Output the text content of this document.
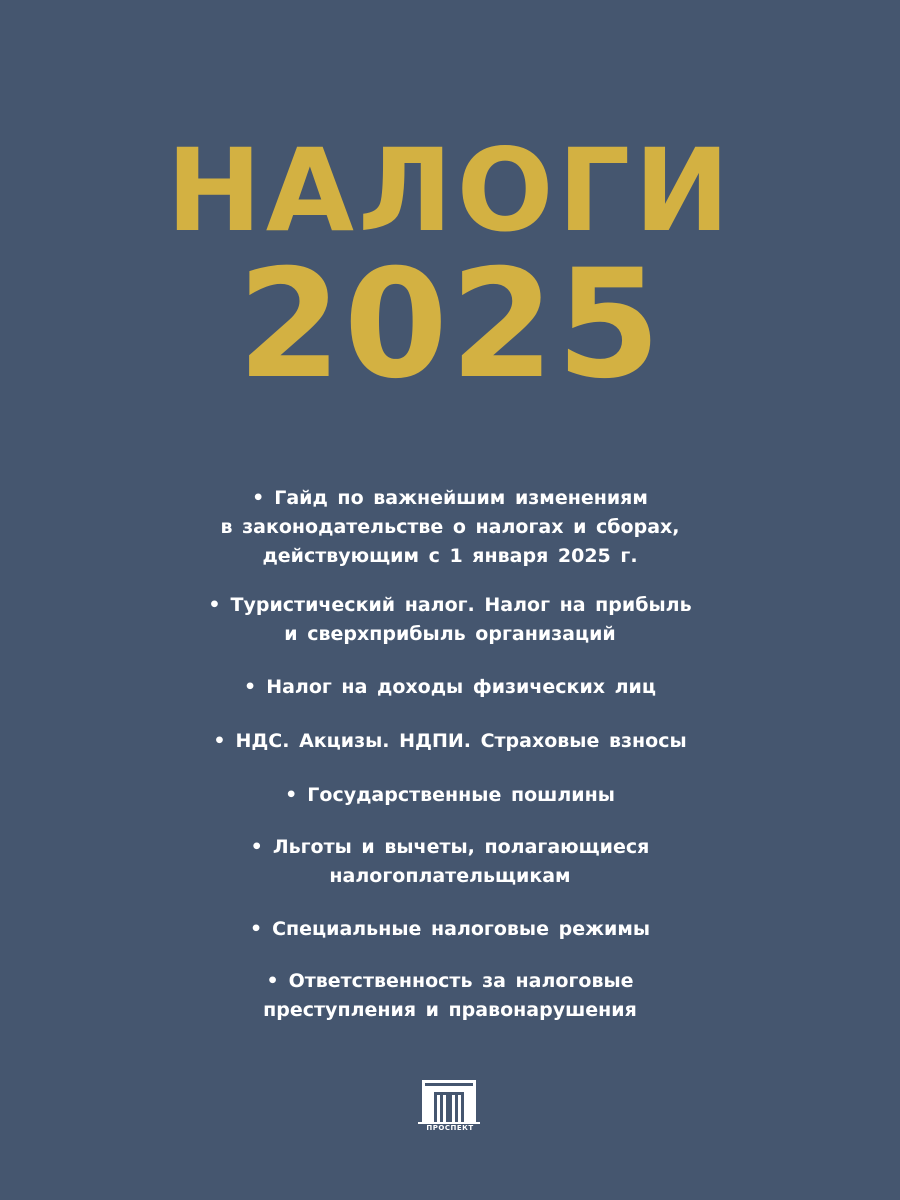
НАЛОГИ
2025
• Гайд по важнейшим изменениям
в законодательстве о налогах и сборах,
действующим с 1 января 2025 г.
• Туристический налог. Налог на прибыль
и сверхприбыль организаций
• Налог на доходы физических лиц
• НДС. Акцизы. НДПИ. Страховые взносы
• Государственные пошлины
• Льготы и вычеты, полагающиеся
налогоплательщикам
• Специальные налоговые режимы
• Ответственность за налоговые
преступления и правонарушения
ПРОСПЕКТ
